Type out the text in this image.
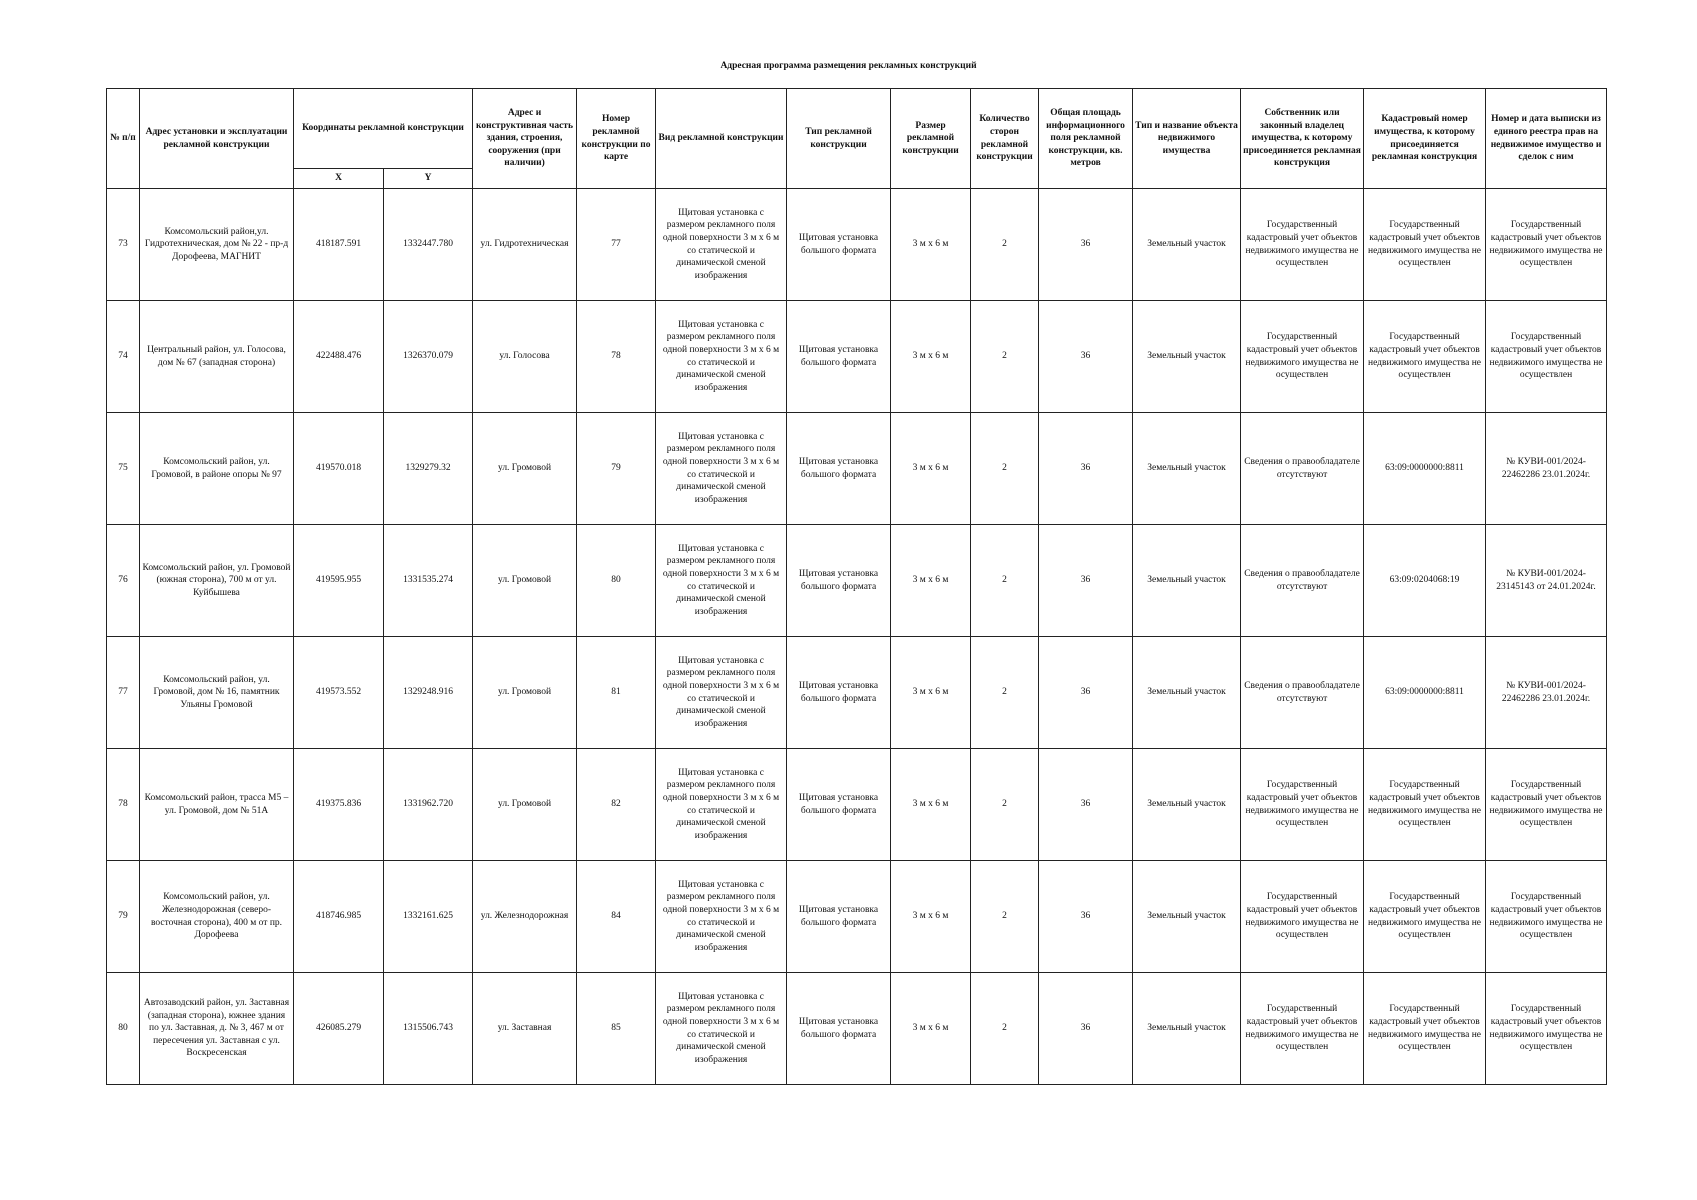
Адресная программа размещения рекламных конструкций
№ п/п	Адрес установки и эксплуатации рекламной конструкции	Координаты рекламной конструкции		Адрес и конструктивная часть здания, строения, сооружения (при наличии)	Номер рекламной конструкции по карте	Вид рекламной конструкции	Тип рекламной конструкции	Размер рекламной конструкции	Количество сторон рекламной конструкции	Общая площадь информационного поля рекламной конструкции, кв. метров	Тип и название объекта недвижимого имущества	Собственник или законный владелец имущества, к которому присоединяется рекламная конструкция	Кадастровый номер имущества, к которому присоединяется рекламная конструкция	Номер и дата выписки из единого реестра прав на недвижимое имущество и сделок с ним
		X	Y											
73	Комсомольский район,ул. Гидротехническая, дом № 22 - пр-д Дорофеева, МАГНИТ	418187.591	1332447.780	ул. Гидротехническая	77	Щитовая установка с размером рекламного поля одной поверхности 3 м х 6 м со статической и динамической сменой изображения	Щитовая установка большого формата	3 м х 6 м	2	36	Земельный участок	Государственный кадастровый учет объектов недвижимого имущества не осуществлен	Государственный кадастровый учет объектов недвижимого имущества не осуществлен	Государственный кадастровый учет объектов недвижимого имущества не осуществлен
74	Центральный район, ул. Голосова, дом № 67 (западная сторона)	422488.476	1326370.079	ул. Голосова	78	Щитовая установка с размером рекламного поля одной поверхности 3 м х 6 м со статической и динамической сменой изображения	Щитовая установка большого формата	3 м х 6 м	2	36	Земельный участок	Государственный кадастровый учет объектов недвижимого имущества не осуществлен	Государственный кадастровый учет объектов недвижимого имущества не осуществлен	Государственный кадастровый учет объектов недвижимого имущества не осуществлен
75	Комсомольский район, ул. Громовой, в районе опоры № 97	419570.018	1329279.32	ул. Громовой	79	Щитовая установка с размером рекламного поля одной поверхности 3 м х 6 м со статической и динамической сменой изображения	Щитовая установка большого формата	3 м х 6 м	2	36	Земельный участок	Сведения о правообладателе отсутствуют	63:09:0000000:8811	№ КУВИ-001/2024-22462286 23.01.2024г.
76	Комсомольский район, ул. Громовой (южная сторона), 700 м от ул. Куйбышева	419595.955	1331535.274	ул. Громовой	80	Щитовая установка с размером рекламного поля одной поверхности 3 м х 6 м со статической и динамической сменой изображения	Щитовая установка большого формата	3 м х 6 м	2	36	Земельный участок	Сведения о правообладателе отсутствуют	63:09:0204068:19	№ КУВИ-001/2024-23145143 от 24.01.2024г.
77	Комсомольский район, ул. Громовой, дом № 16, памятник Ульяны Громовой	419573.552	1329248.916	ул. Громовой	81	Щитовая установка с размером рекламного поля одной поверхности 3 м х 6 м со статической и динамической сменой изображения	Щитовая установка большого формата	3 м х 6 м	2	36	Земельный участок	Сведения о правообладателе отсутствуют	63:09:0000000:8811	№ КУВИ-001/2024-22462286 23.01.2024г.
78	Комсомольский район, трасса М5 – ул. Громовой, дом № 51А	419375.836	1331962.720	ул. Громовой	82	Щитовая установка с размером рекламного поля одной поверхности 3 м х 6 м со статической и динамической сменой изображения	Щитовая установка большого формата	3 м х 6 м	2	36	Земельный участок	Государственный кадастровый учет объектов недвижимого имущества не осуществлен	Государственный кадастровый учет объектов недвижимого имущества не осуществлен	Государственный кадастровый учет объектов недвижимого имущества не осуществлен
79	Комсомольский район, ул. Железнодорожная (северо-восточная сторона), 400 м от пр. Дорофеева	418746.985	1332161.625	ул. Железнодорожная	84	Щитовая установка с размером рекламного поля одной поверхности 3 м х 6 м со статической и динамической сменой изображения	Щитовая установка большого формата	3 м х 6 м	2	36	Земельный участок	Государственный кадастровый учет объектов недвижимого имущества не осуществлен	Государственный кадастровый учет объектов недвижимого имущества не осуществлен	Государственный кадастровый учет объектов недвижимого имущества не осуществлен
80	Автозаводский район, ул. Заставная (западная сторона), южнее здания по ул. Заставная, д. № 3, 467 м от пересечения ул. Заставная с ул. Воскресенская	426085.279	1315506.743	ул. Заставная	85	Щитовая установка с размером рекламного поля одной поверхности 3 м х 6 м со статической и динамической сменой изображения	Щитовая установка большого формата	3 м х 6 м	2	36	Земельный участок	Государственный кадастровый учет объектов недвижимого имущества не осуществлен	Государственный кадастровый учет объектов недвижимого имущества не осуществлен	Государственный кадастровый учет объектов недвижимого имущества не осуществлен
